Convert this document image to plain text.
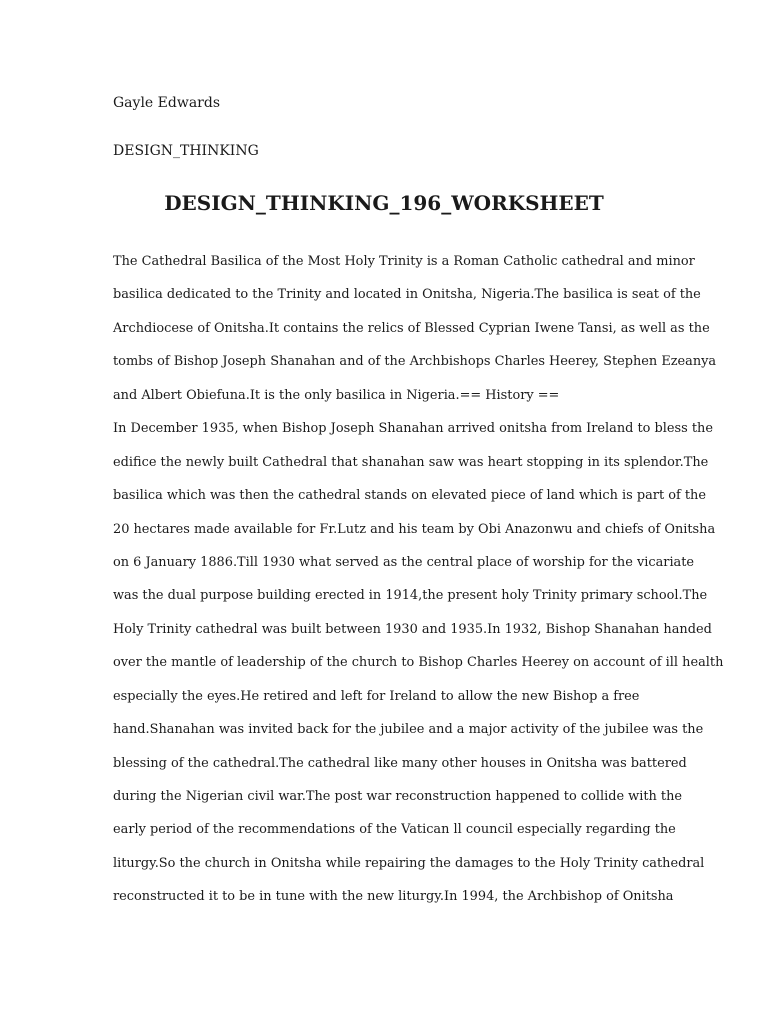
Gayle Edwards
DESIGN_THINKING
DESIGN_THINKING_196_WORKSHEET
The Cathedral Basilica of the Most Holy Trinity is a Roman Catholic cathedral and minor
basilica dedicated to the Trinity and located in Onitsha, Nigeria.The basilica is seat of the
Archdiocese of Onitsha.It contains the relics of Blessed Cyprian Iwene Tansi, as well as the
tombs of Bishop Joseph Shanahan and of the Archbishops Charles Heerey, Stephen Ezeanya
and Albert Obiefuna.It is the only basilica in Nigeria.== History ==
In December 1935, when Bishop Joseph Shanahan arrived onitsha from Ireland to bless the
edifice the newly built Cathedral that shanahan saw was heart stopping in its splendor.The
basilica which was then the cathedral stands on elevated piece of land which is part of the
20 hectares made available for Fr.Lutz and his team by Obi Anazonwu and chiefs of Onitsha
on 6 January 1886.Till 1930 what served as the central place of worship for the vicariate
was the dual purpose building erected in 1914,the present holy Trinity primary school.The
Holy Trinity cathedral was built between 1930 and 1935.In 1932, Bishop Shanahan handed
over the mantle of leadership of the church to Bishop Charles Heerey on account of ill health
especially the eyes.He retired and left for Ireland to allow the new Bishop a free
hand.Shanahan was invited back for the jubilee and a major activity of the jubilee was the
blessing of the cathedral.The cathedral like many other houses in Onitsha was battered
during the Nigerian civil war.The post war reconstruction happened to collide with the
early period of the recommendations of the Vatican ll council especially regarding the
liturgy.So the church in Onitsha while repairing the damages to the Holy Trinity cathedral
reconstructed it to be in tune with the new liturgy.In 1994, the Archbishop of Onitsha
